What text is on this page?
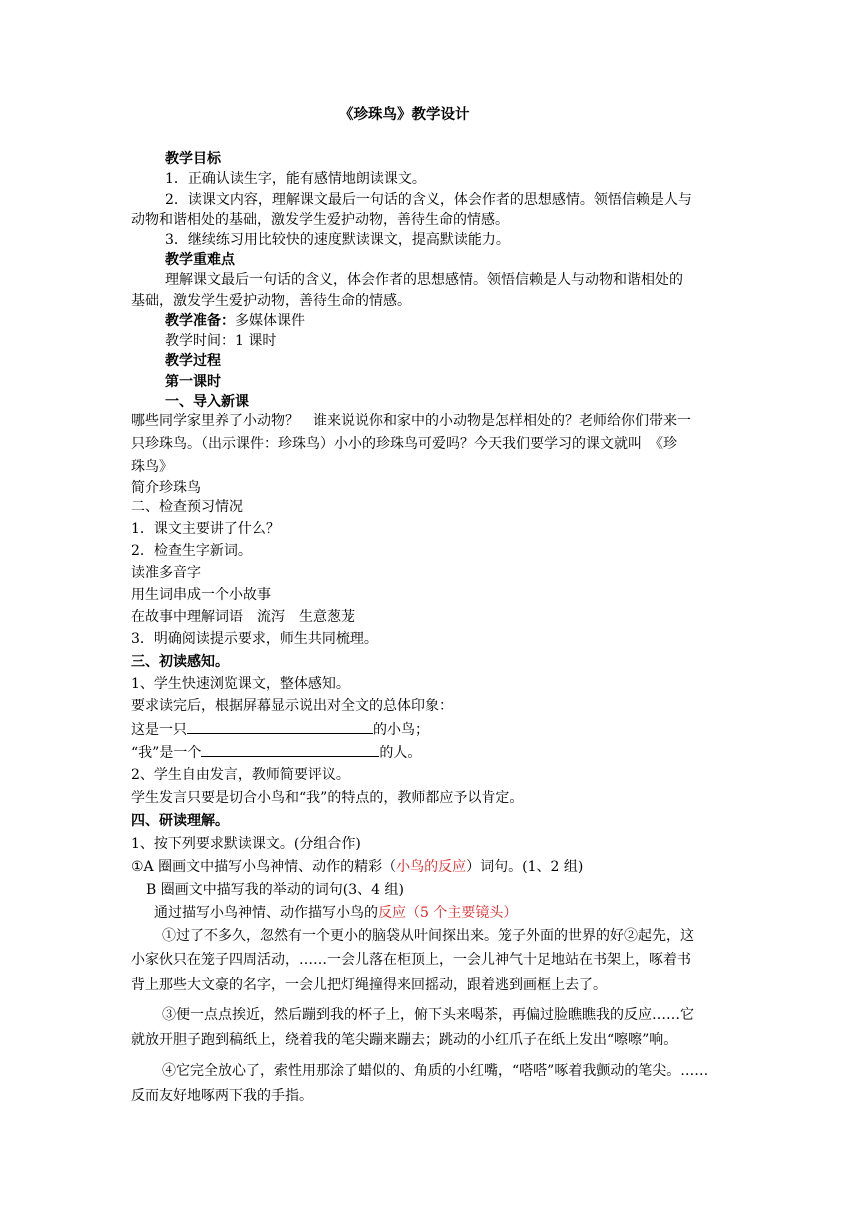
《珍珠鸟》教学设计
教学目标
1．正确认读生字，能有感情地朗读课文。
2．读课文内容，理解课文最后一句话的含义，体会作者的思想感情。领悟信赖是人与
动物和谐相处的基础，激发学生爱护动物，善待生命的情感。
3．继续练习用比较快的速度默读课文，提高默读能力。
教学重难点
理解课文最后一句话的含义，体会作者的思想感情。领悟信赖是人与动物和谐相处的
基础，激发学生爱护动物，善待生命的情感。
教学准备：多媒体课件
教学时间：1 课时
教学过程
第一课时
一、导入新课
哪些同学家里养了小动物？　谁来说说你和家中的小动物是怎样相处的？老师给你们带来一
只珍珠鸟。（出示课件：珍珠鸟）小小的珍珠鸟可爱吗？今天我们要学习的课文就叫　《珍
珠鸟》
简介珍珠鸟
二、检查预习情况
1．课文主要讲了什么？
2．检查生字新词。
读准多音字
用生词串成一个小故事
在故事中理解词语　流泻　生意葱茏
3．明确阅读提示要求，师生共同梳理。
三、初读感知。
1、学生快速浏览课文，整体感知。
要求读完后，根据屏幕显示说出对全文的总体印象：
这是一只	的小鸟；
“我”是一个	的人。
2、学生自由发言，教师简要评议。
学生发言只要是切合小鸟和“我”的特点的，教师都应予以肯定。
四、研读理解。
1、按下列要求默读课文。(分组合作)
①A 圈画文中描写小鸟神情、动作的精彩（小鸟的反应）词句。(1、2 组)
B 圈画文中描写我的举动的词句(3、4 组)
通过描写小鸟神情、动作描写小鸟的反应（5 个主要镜头）
①过了不多久，忽然有一个更小的脑袋从叶间探出来。笼子外面的世界的好②起先，这
小家伙只在笼子四周活动，……一会儿落在柜顶上，一会儿神气十足地站在书架上，啄着书
背上那些大文豪的名字，一会儿把灯绳撞得来回摇动，跟着逃到画框上去了。
③便一点点挨近，然后蹦到我的杯子上，俯下头来喝茶，再偏过脸瞧瞧我的反应……它
就放开胆子跑到稿纸上，绕着我的笔尖蹦来蹦去；跳动的小红爪子在纸上发出“嚓嚓”响。
④它完全放心了，索性用那涂了蜡似的、角质的小红嘴，“嗒嗒”啄着我颤动的笔尖。……
反而友好地啄两下我的手指。
